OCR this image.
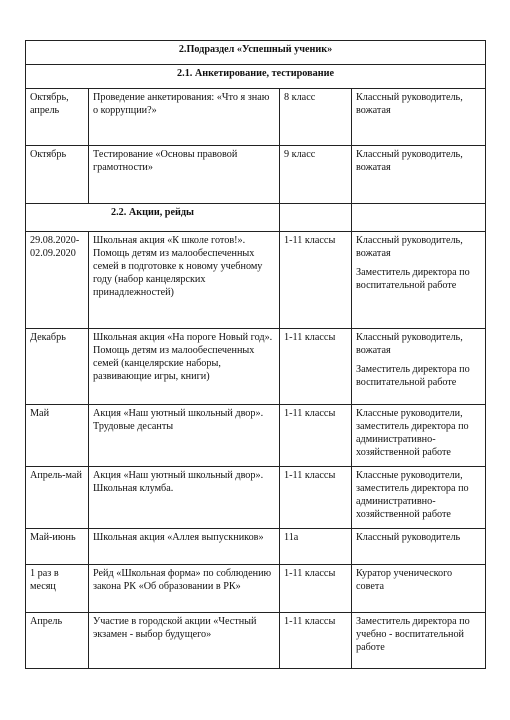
2.Подраздел «Успешный ученик»			
2.1. Анкетирование, тестирование			
Октябрь, апрель	Проведение анкетирования: «Что я знаю о коррупции?»	8 класс	Классный руководитель, вожатая

Октябрь	Тестирование «Основы правовой грамотности»	9 класс	Классный руководитель, вожатая

2.2. Акции, рейды			
29.08.2020-02.09.2020	Школьная акция «К школе готов!». Помощь детям из малообеспеченных семей в подготовке к новому учебному году (набор канцелярских принадлежностей)	1-11 классы	Классный руководитель, вожатая

Заместитель директора по воспитательной работе

Декабрь	Школьная акция «На пороге Новый год». Помощь детям из малообеспеченных семей (канцелярские наборы, развивающие игры, книги)	1-11 классы	Классный руководитель, вожатая

Заместитель директора по воспитательной работе

Май	Акция «Наш уютный школьный двор». Трудовые десанты	1-11 классы	Классные руководители, заместитель директора по административно-хозяйственной работе

Апрель-май	Акция «Наш уютный школьный двор». Школьная клумба.	1-11 классы	Классные руководители, заместитель директора по административно-хозяйственной работе

Май-июнь	Школьная акция «Аллея выпускников»	11а	Классный руководитель

1 раз в месяц	Рейд «Школьная форма» по соблюдению закона РК «Об образовании в РК»	1-11 классы	Куратор ученического совета

Апрель	Участие в городской акции «Честный экзамен - выбор будущего»	1-11 классы	Заместитель директора по учебно - воспитательной работе
